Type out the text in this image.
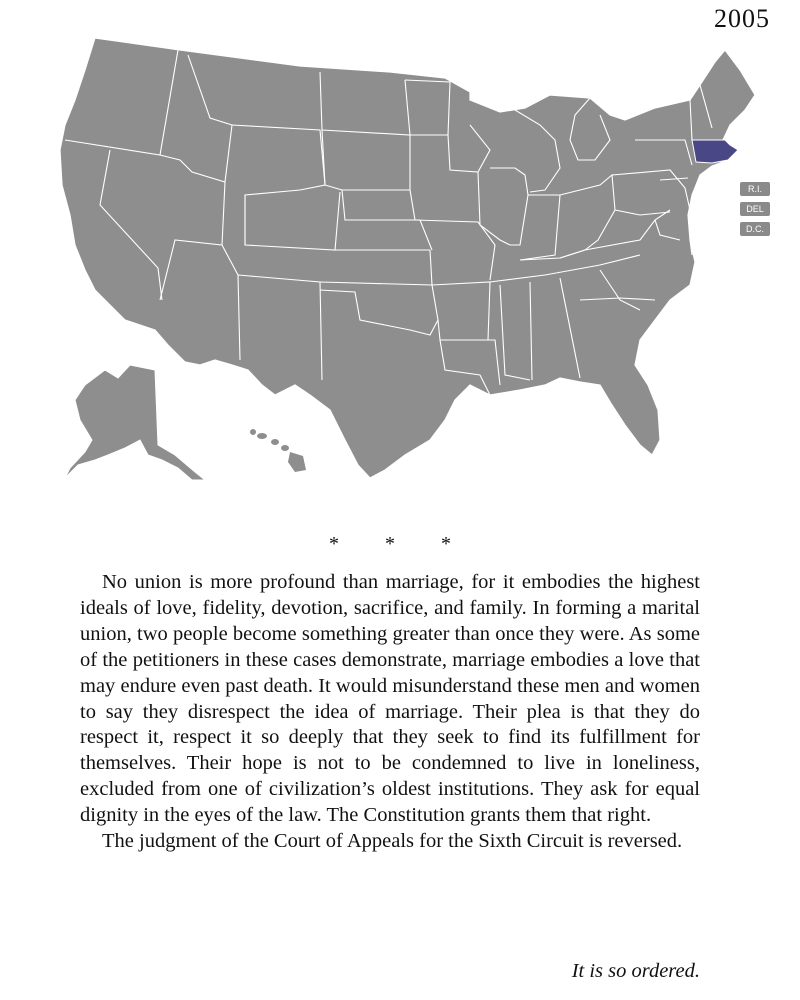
2005
R.I.
DEL
D.C.
* * *

No union is more profound than marriage, for it embodies the highest ideals of love, fidelity, devotion, sacrifice, and family. In forming a marital union, two people become something greater than once they were. As some of the petitioners in these cases demonstrate, marriage embodies a love that may endure even past death. It would misunderstand these men and women to say they disrespect the idea of marriage. Their plea is that they do respect it, respect it so deeply that they seek to find its fulfillment for themselves. Their hope is not to be condemned to live in loneliness, excluded from one of civilization’s oldest institutions. They ask for equal dignity in the eyes of the law. The Constitution grants them that right.

The judgment of the Court of Appeals for the Sixth Circuit is reversed.

It is so ordered.
